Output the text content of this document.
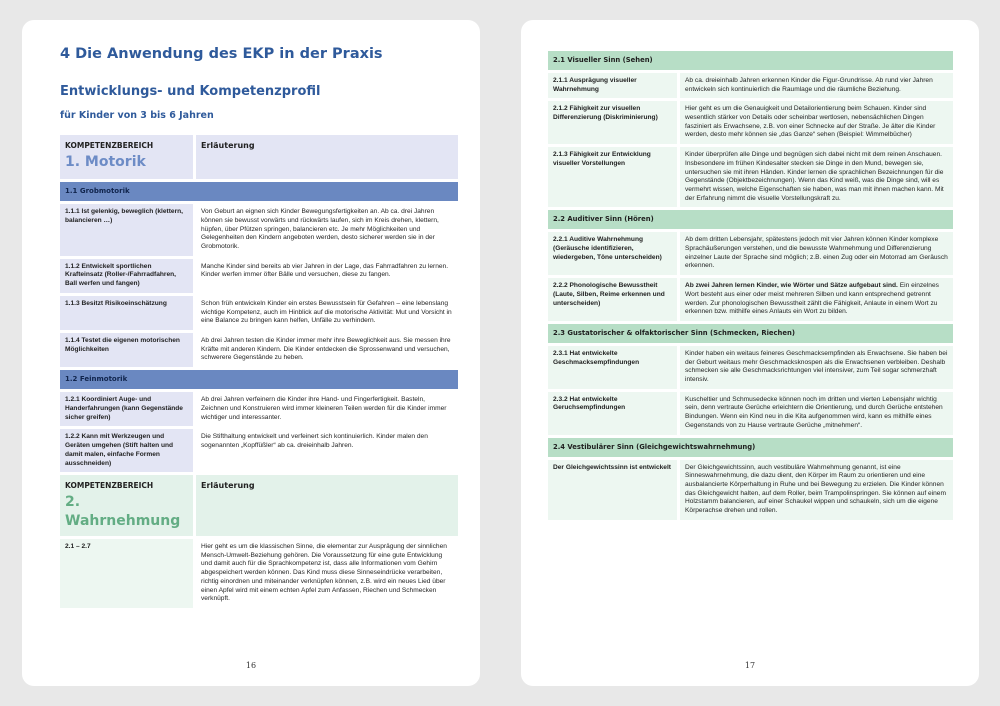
4 Die Anwendung des EKP in der Praxis
Entwicklungs- und Kompetenzprofil
für Kinder von 3 bis 6 Jahren
KOMPETENZBEREICH
1. Motorik	Erläuterung

1.1 Grobmotorik	
1.1.1 Ist gelenkig, beweglich (klettern, balancieren …)	Von Geburt an eignen sich Kinder Bewegungsfertigkeiten an. Ab ca. drei Jahren können sie bewusst vorwärts und rückwärts laufen, sich im Kreis drehen, klettern, hüpfen, über Pfützen springen, balancieren etc. Je mehr Möglichkeiten und Gelegenheiten den Kindern angeboten werden, desto sicherer werden sie in der Grobmotorik.
1.1.2 Entwickelt sportlichen Krafteinsatz (Roller-/Fahrradfahren, Ball werfen und fangen)	Manche Kinder sind bereits ab vier Jahren in der Lage, das Fahrradfahren zu lernen. Kinder werfen immer öfter Bälle und versuchen, diese zu fangen.
1.1.3 Besitzt Risikoeinschätzung	Schon früh entwickeln Kinder ein erstes Bewusstsein für Gefahren – eine lebenslang wichtige Kompetenz, auch im Hinblick auf die motorische Aktivität: Mut und Vorsicht in eine Balance zu bringen kann helfen, Unfälle zu verhindern.
1.1.4 Testet die eigenen motorischen Möglichkeiten	Ab drei Jahren testen die Kinder immer mehr ihre Beweglichkeit aus. Sie messen ihre Kräfte mit anderen Kindern. Die Kinder entdecken die Sprossenwand und versuchen, schwerere Gegenstände zu heben.
1.2 Feinmotorik	
1.2.1 Koordiniert Auge- und Handerfahrungen (kann Gegenstände sicher greifen)	Ab drei Jahren verfeinern die Kinder ihre Hand- und Fingerfertigkeit. Basteln, Zeichnen und Konstruieren wird immer kleineren Teilen werden für die Kinder immer wichtiger und interessanter.
1.2.2 Kann mit Werkzeugen und Geräten umgehen (Stift halten und damit malen, einfache Formen ausschneiden)	Die Stifthaltung entwickelt und verfeinert sich kontinuierlich. Kinder malen den sogenannten „Kopffüßler“ ab ca. dreieinhalb Jahren.

KOMPETENZBEREICH
2. Wahrnehmung	Erläuterung

2.1 – 2.7	Hier geht es um die klassischen Sinne, die elementar zur Ausprägung der sinnlichen Mensch-Umwelt-Beziehung gehören. Die Voraussetzung für eine gute Entwicklung und damit auch für die Sprachkompetenz ist, dass alle Informationen vom Gehirn abgespeichert werden können. Das Kind muss diese Sinneseindrücke verarbeiten, richtig einordnen und miteinander verknüpfen können, z.B. wird ein neues Lied über einen Apfel wird mit einem echten Apfel zum Anfassen, Riechen und Schmecken verknüpft.
16
2.1 Visueller Sinn (Sehen)	
2.1.1 Ausprägung visueller Wahrnehmung	Ab ca. dreieinhalb Jahren erkennen Kinder die Figur-Grundrisse. Ab rund vier Jahren entwickeln sich kontinuierlich die Raumlage und die räumliche Beziehung.
2.1.2 Fähigkeit zur visuellen Differenzierung (Diskriminierung)	Hier geht es um die Genauigkeit und Detailorientierung beim Schauen. Kinder sind wesentlich stärker von Details oder scheinbar wertlosen, nebensächlichen Dingen fasziniert als Erwachsene, z.B. von einer Schnecke auf der Straße. Je älter die Kinder werden, desto mehr können sie „das Ganze“ sehen (Beispiel: Wimmelbücher)
2.1.3 Fähigkeit zur Entwicklung visueller Vorstellungen	Kinder überprüfen alle Dinge und begnügen sich dabei nicht mit dem reinen Anschauen. Insbesondere im frühen Kindesalter stecken sie Dinge in den Mund, bewegen sie, untersuchen sie mit ihren Händen. Kinder lernen die sprachlichen Bezeichnungen für die Gegenstände (Objektbezeichnungen). Wenn das Kind weiß, was die Dinge sind, will es vermehrt wissen, welche Eigenschaften sie haben, was man mit ihnen machen kann. Mit der Erfahrung nimmt die visuelle Vorstellungskraft zu.
2.2 Auditiver Sinn (Hören)	
2.2.1 Auditive Wahrnehmung (Geräusche identifizieren, wiedergeben, Töne unterscheiden)	Ab dem dritten Lebensjahr, spätestens jedoch mit vier Jahren können Kinder komplexe Sprachäußerungen verstehen, und die bewusste Wahrnehmung und Differenzierung einzelner Laute der Sprache sind möglich; z.B. einen Zug oder ein Motorrad am Geräusch erkennen.
2.2.2 Phonologische Bewusstheit (Laute, Silben, Reime erkennen und unterscheiden)	Ab zwei Jahren lernen Kinder, wie Wörter und Sätze aufgebaut sind. Ein einzelnes Wort besteht aus einer oder meist mehreren Silben und kann entsprechend getrennt werden. Zur phonologischen Bewusstheit zählt die Fähigkeit, Anlaute in einem Wort zu erkennen bzw. mithilfe eines Anlauts ein Wort zu bilden.
2.3 Gustatorischer & olfaktorischer Sinn (Schmecken, Riechen)	
2.3.1 Hat entwickelte Geschmacksempfindungen	Kinder haben ein weitaus feineres Geschmacksempfinden als Erwachsene. Sie haben bei der Geburt weitaus mehr Geschmacksknospen als die Erwachsenen verbleiben. Deshalb schmecken sie alle Geschmacksrichtungen viel intensiver, zum Teil sogar schmerzhaft intensiv.
2.3.2 Hat entwickelte Geruchsempfindungen	Kuscheltier und Schmusedecke können noch im dritten und vierten Lebensjahr wichtig sein, denn vertraute Gerüche erleichtern die Orientierung, und durch Gerüche entstehen Bindungen. Wenn ein Kind neu in die Kita aufgenommen wird, kann es mithilfe eines Gegenstands von zu Hause vertraute Gerüche „mitnehmen“.
2.4 Vestibulärer Sinn (Gleichgewichtswahrnehmung)	
Der Gleichgewichtssinn ist entwickelt	Der Gleichgewichtssinn, auch vestibuläre Wahrnehmung genannt, ist eine Sinneswahrnehmung, die dazu dient, den Körper im Raum zu orientieren und eine ausbalancierte Körperhaltung in Ruhe und bei Bewegung zu erzielen. Die Kinder können das Gleichgewicht halten, auf dem Roller, beim Trampolinspringen. Sie können auf einem Holzstamm balancieren, auf einer Schaukel wippen und schaukeln, sich um die eigene Körperachse drehen und rollen.
17
